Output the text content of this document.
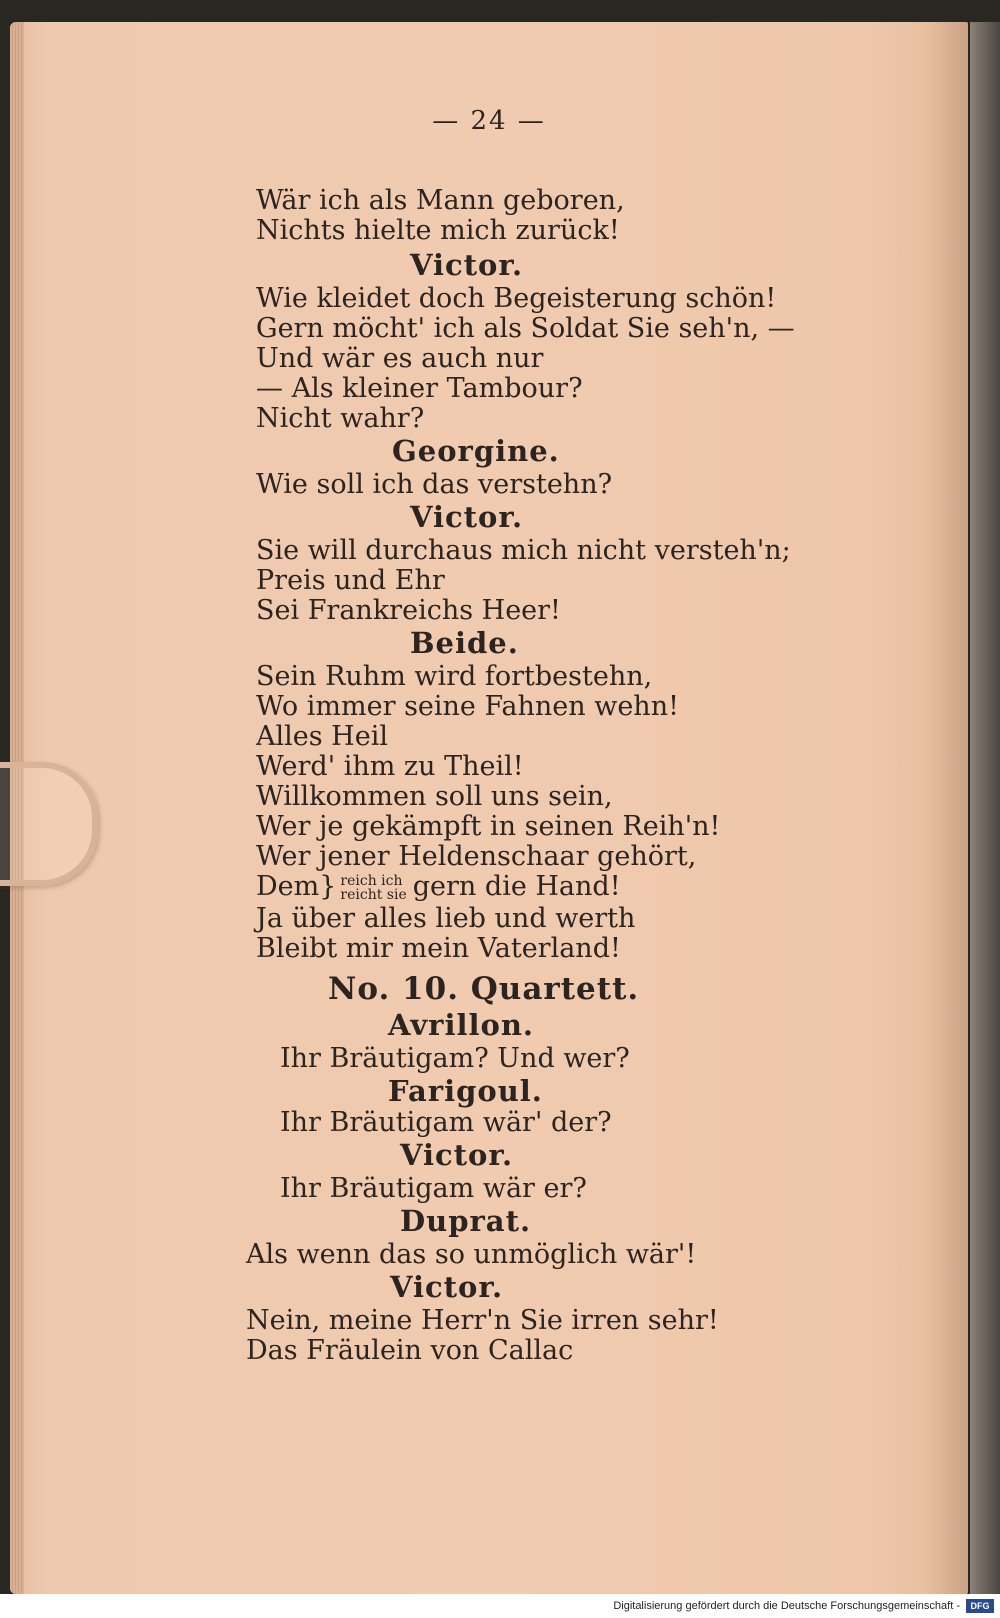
— 24 —
Wär ich als Mann geboren,
Nichts hielte mich zurück!
Victor.
Wie kleidet doch Begeisterung schön!
Gern möcht' ich als Soldat Sie seh'n, —
Und wär es auch nur
— Als kleiner Tambour?
Nicht wahr?
Georgine.
Wie soll ich das verstehn?
Victor.
Sie will durchaus mich nicht versteh'n;
Preis und Ehr
Sei Frankreichs Heer!
Beide.
Sein Ruhm wird fortbestehn,
Wo immer seine Fahnen wehn!
Alles Heil
Werd' ihm zu Theil!
Willkommen soll uns sein,
Wer je gekämpft in seinen Reih'n!
Wer jener Heldenschaar gehört,
Dem} reich ich
reicht sie gern die Hand!
Ja über alles lieb und werth
Bleibt mir mein Vaterland!
No. 10. Quartett.
Avrillon.
Ihr Bräutigam? Und wer?
Farigoul.
Ihr Bräutigam wär' der?
Victor.
Ihr Bräutigam wär er?
Duprat.
Als wenn das so unmöglich wär'!
Victor.
Nein, meine Herr'n Sie irren sehr!
Das Fräulein von Callac
Digitalisierung gefördert durch die Deutsche Forschungsgemeinschaft -	DFG
